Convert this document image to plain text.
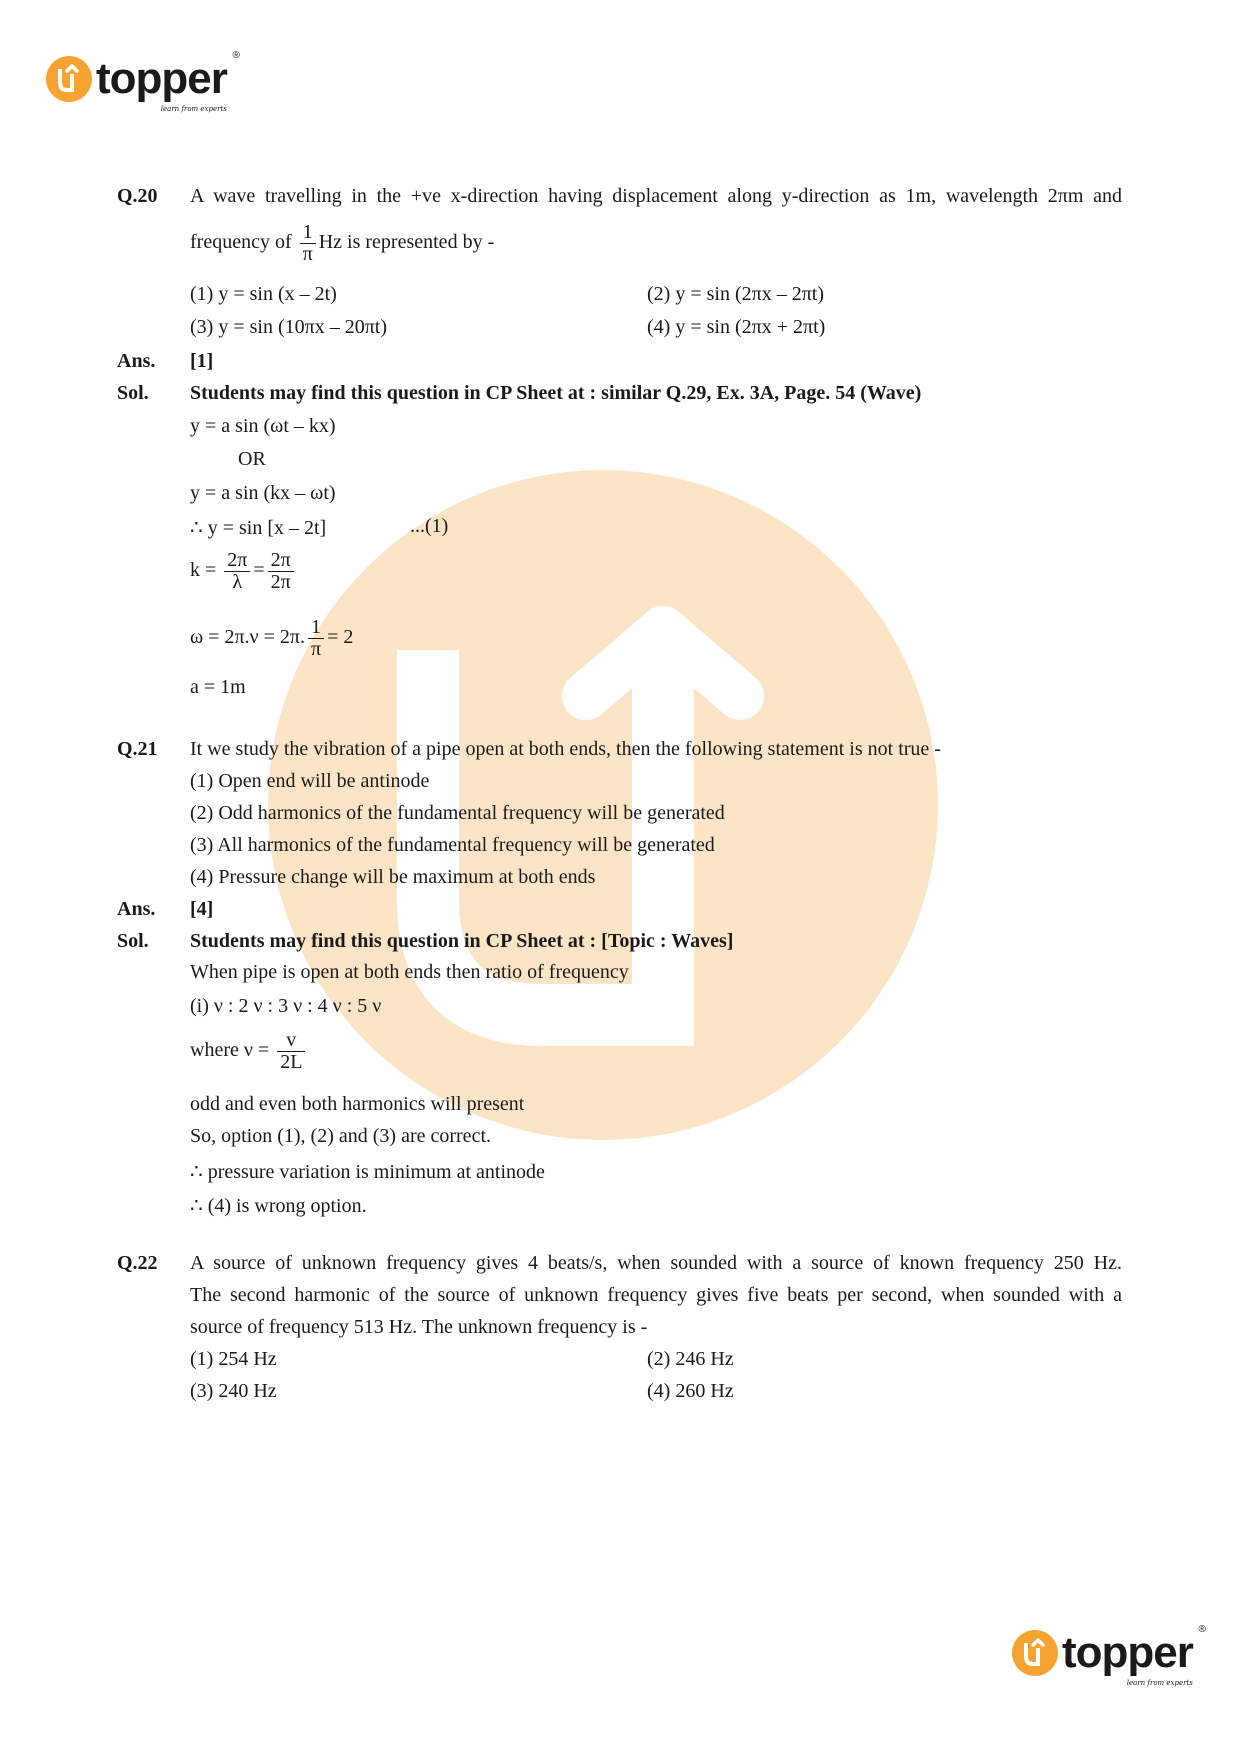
topper ®
learn from experts
Q.20 A wave travelling in the +ve x-direction having displacement along y-direction as 1m, wavelength 2πm and
frequency of $\frac{1}{\pi}$ Hz is represented by -
(1) y = sin (x – 2t)	(2) y = sin (2πx – 2πt)
(3) y = sin (10πx – 20πt)	(4) y = sin (2πx + 2πt)
Ans. [1]
Sol. Students may find this question in CP Sheet at : similar Q.29, Ex. 3A, Page. 54 (Wave)
y = a sin (ωt – kx)
OR
y = a sin (kx – ωt)
∴ y = sin [x – 2t]	...(1)
$k = \frac{2\pi}{\lambda} = \frac{2\pi}{2\pi}$
ω = 2π.ν = 2π. $\frac{1}{\pi} = 2$
a = 1m
Q.21 It we study the vibration of a pipe open at both ends, then the following statement is not true -
(1) Open end will be antinode
(2) Odd harmonics of the fundamental frequency will be generated
(3) All harmonics of the fundamental frequency will be generated
(4) Pressure change will be maximum at both ends
Ans. [4]
Sol. Students may find this question in CP Sheet at : [Topic : Waves]
When pipe is open at both ends then ratio of frequency
(i) ν : 2 ν : 3 ν : 4 ν : 5 ν
where $\nu = \frac{v}{2L}$
odd and even both harmonics will present
So, option (1), (2) and (3) are correct.
∴ pressure variation is minimum at antinode
∴ (4) is wrong option.
Q.22 A source of unknown frequency gives 4 beats/s, when sounded with a source of known frequency 250 Hz.
The second harmonic of the source of unknown frequency gives five beats per second, when sounded with a
source of frequency 513 Hz. The unknown frequency is -
(1) 254 Hz	(2) 246 Hz
(3) 240 Hz	(4) 260 Hz
topper ®
learn from experts
